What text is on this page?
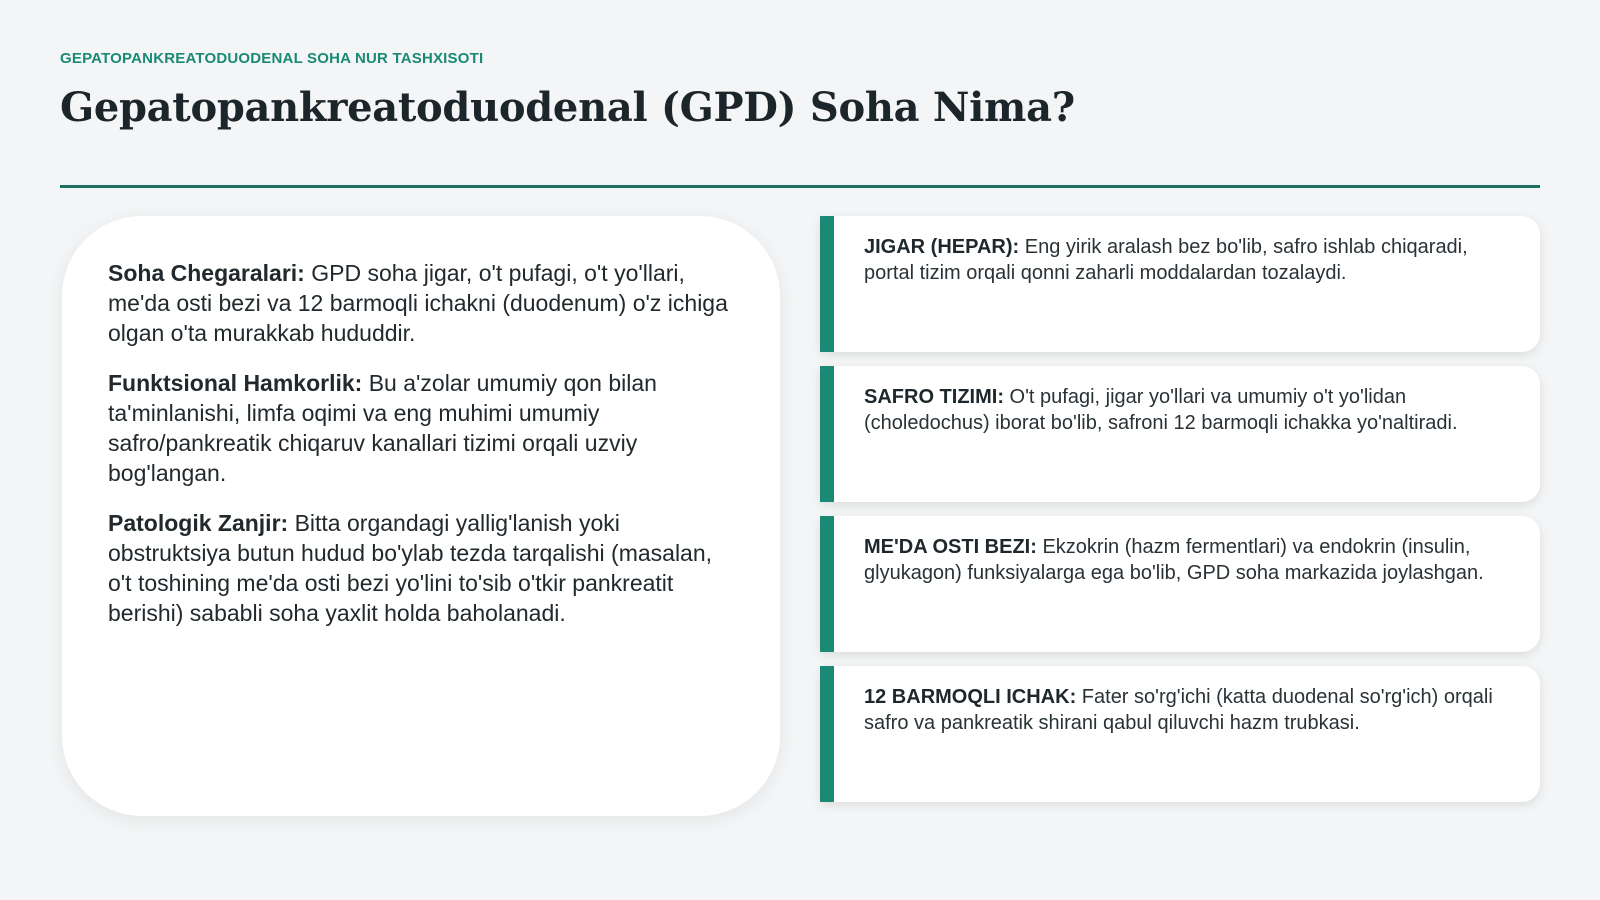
GEPATOPANKREATODUODENAL SOHA NUR TASHXISOTI
Gepatopankreatoduodenal (GPD) Soha Nima?

Soha Chegaralari: GPD soha jigar, o't pufagi, o't yo'llari, me'da osti bezi va 12 barmoqli ichakni (duodenum) o'z ichiga olgan o'ta murakkab hududdir.

Funktsional Hamkorlik: Bu a'zolar umumiy qon bilan ta'minlanishi, limfa oqimi va eng muhimi umumiy safro/pankreatik chiqaruv kanallari tizimi orqali uzviy bog'langan.

Patologik Zanjir: Bitta organdagi yallig'lanish yoki obstruktsiya butun hudud bo'ylab tezda tarqalishi (masalan, o't toshining me'da osti bezi yo'lini to'sib o'tkir pankreatit berishi) sababli soha yaxlit holda baholanadi.

JIGAR (HEPAR): Eng yirik aralash bez bo'lib, safro ishlab chiqaradi, portal tizim orqali qonni zaharli moddalardan tozalaydi.
SAFRO TIZIMI: O't pufagi, jigar yo'llari va umumiy o't yo'lidan (choledochus) iborat bo'lib, safroni 12 barmoqli ichakka yo'naltiradi.
ME'DA OSTI BEZI: Ekzokrin (hazm fermentlari) va endokrin (insulin, glyukagon) funksiyalarga ega bo'lib, GPD soha markazida joylashgan.
12 BARMOQLI ICHAK: Fater so'rg'ichi (katta duodenal so'rg'ich) orqali safro va pankreatik shirani qabul qiluvchi hazm trubkasi.
